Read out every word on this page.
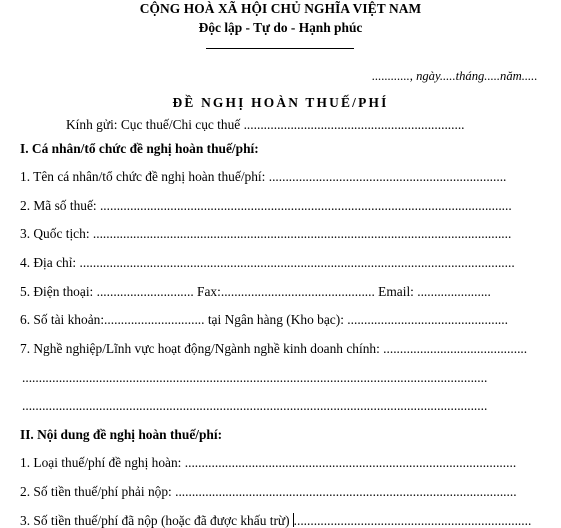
CỘNG HOÀ XÃ HỘI CHỦ NGHĨA VIỆT NAM
Độc lập - Tự do - Hạnh phúc
............, ngày.....tháng.....năm.....
ĐỀ NGHỊ HOÀN THUẾ/PHÍ
Kính gửi: Cục thuế/Chi cục thuế ..................................................................
I. Cá nhân/tổ chức đề nghị hoàn thuế/phí:
1. Tên cá nhân/tổ chức đề nghị hoàn thuế/phí: .......................................................................
2. Mã số thuế: ...........................................................................................................................
3. Quốc tịch: .............................................................................................................................
4. Địa chỉ: ..................................................................................................................................
5. Điện thoại: ............................. Fax:.............................................. Email: ......................
6. Số tài khoản:.............................. tại Ngân hàng (Kho bạc): ................................................
7. Nghề nghiệp/Lĩnh vực hoạt động/Ngành nghề kinh doanh chính: ...........................................
...........................................................................................................................................
...........................................................................................................................................
II. Nội dung đề nghị hoàn thuế/phí:
1. Loại thuế/phí đề nghị hoàn: ...................................................................................................
2. Số tiền thuế/phí phải nộp: ......................................................................................................
3. Số tiền thuế/phí đã nộp (hoặc đã được khấu trừ) .......................................................................
